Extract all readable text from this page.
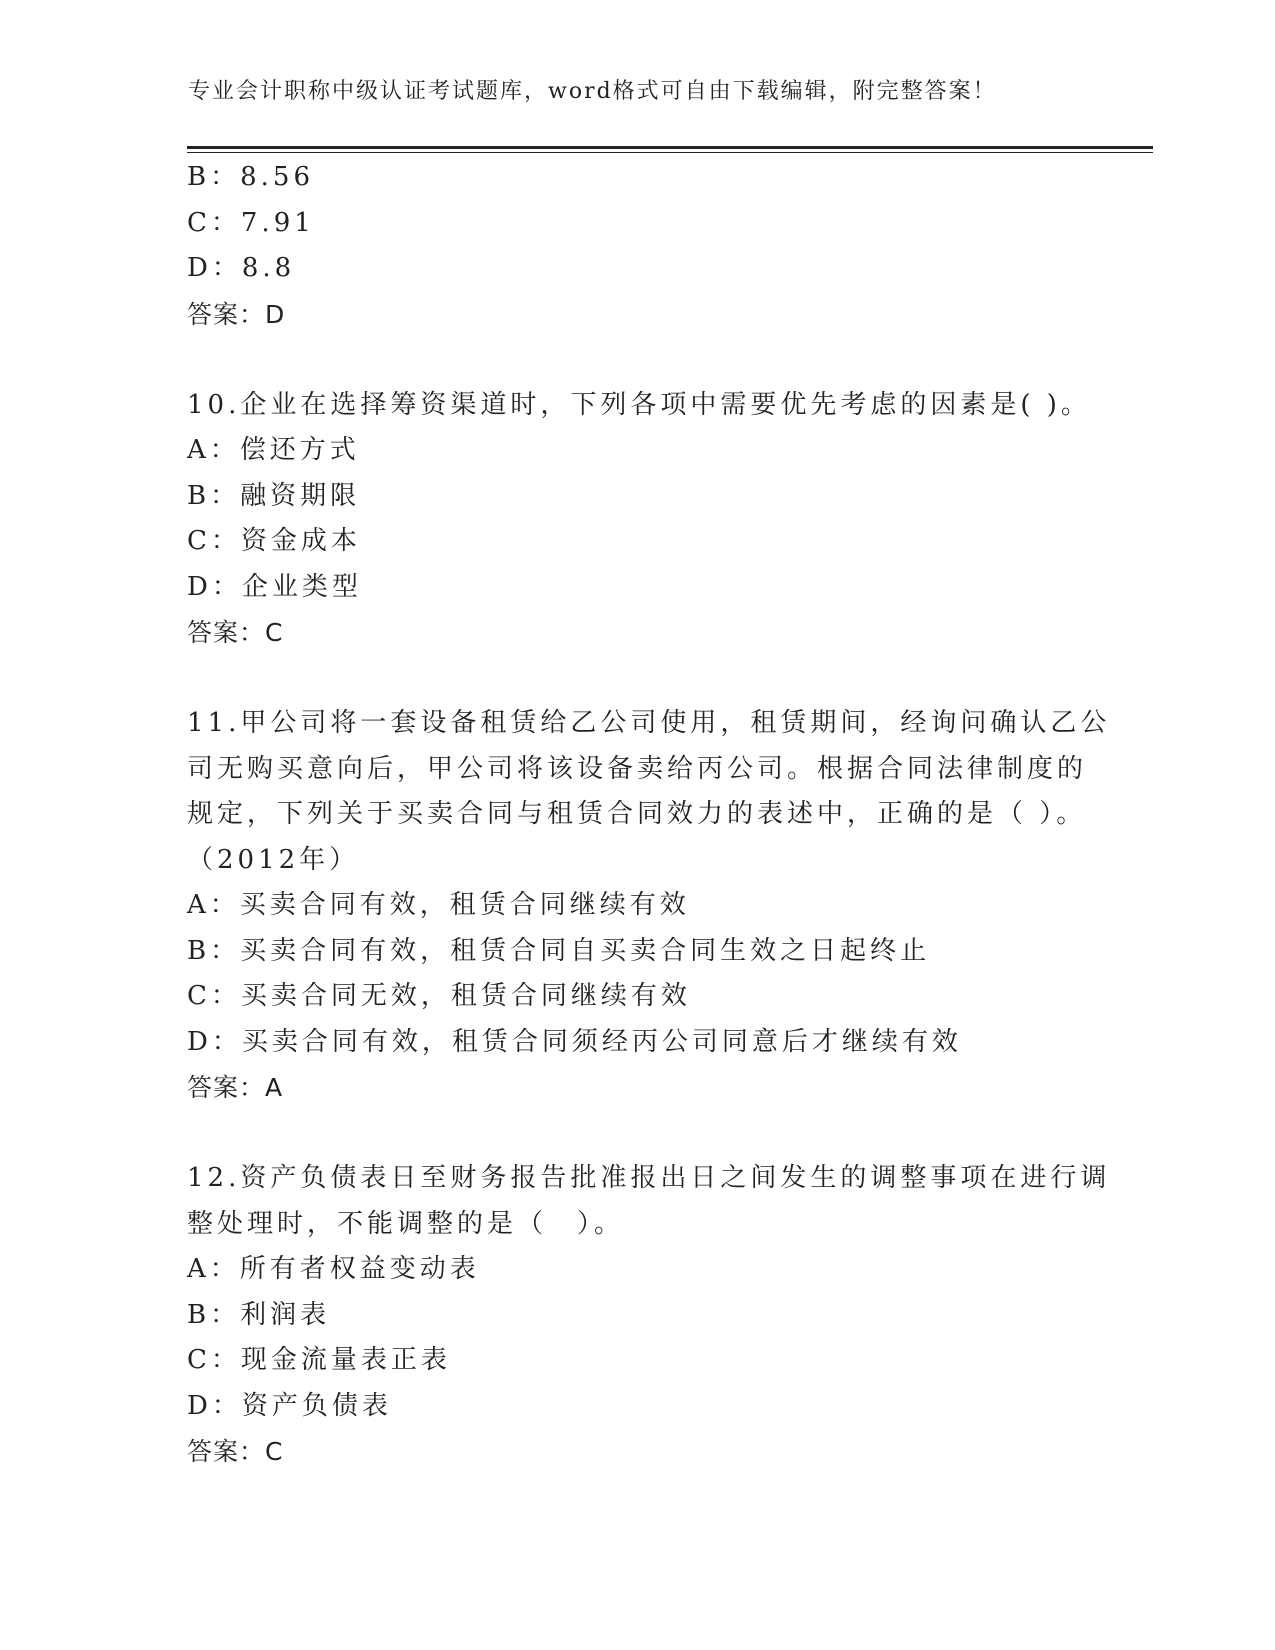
专业会计职称中级认证考试题库，word格式可自由下载编辑，附完整答案！
B：8.56
C：7.91
D：8.8
答案：D
10.企业在选择筹资渠道时，下列各项中需要优先考虑的因素是( )。
A：偿还方式
B：融资期限
C：资金成本
D：企业类型
答案：C
11.甲公司将一套设备租赁给乙公司使用，租赁期间，经询问确认乙公
司无购买意向后，甲公司将该设备卖给丙公司。根据合同法律制度的
规定，下列关于买卖合同与租赁合同效力的表述中，正确的是（ ）。
（2012年）
A：买卖合同有效，租赁合同继续有效
B：买卖合同有效，租赁合同自买卖合同生效之日起终止
C：买卖合同无效，租赁合同继续有效
D：买卖合同有效，租赁合同须经丙公司同意后才继续有效
答案：A
12.资产负债表日至财务报告批准报出日之间发生的调整事项在进行调
整处理时，不能调整的是（　）。
A：所有者权益变动表
B：利润表
C：现金流量表正表
D：资产负债表
答案：C
